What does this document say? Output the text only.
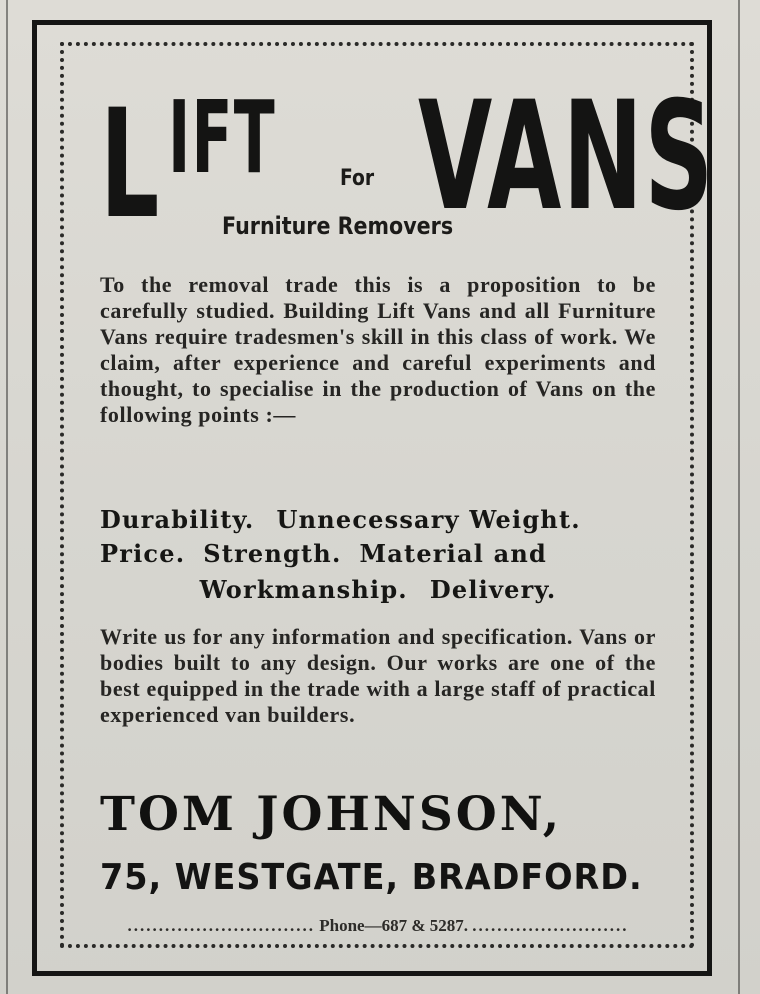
L IFT	For VANS
Furniture Removers
To the removal trade this is a proposition to be carefully studied. Building Lift Vans and all Furniture Vans require tradesmen's skill in this class of work. We claim, after experience and careful experiments and thought, to specialise in the production of Vans on the following points :—
Durability. Unnecessary Weight.
Price. Strength. Material and
Workmanship. Delivery.
Write us for any information and specification. Vans or bodies built to any design. Our works are one of the best equipped in the trade with a large staff of practical experienced van builders.
TOM JOHNSON,
75, WESTGATE, BRADFORD.
.............................. Phone—687 & 5287. .........................
